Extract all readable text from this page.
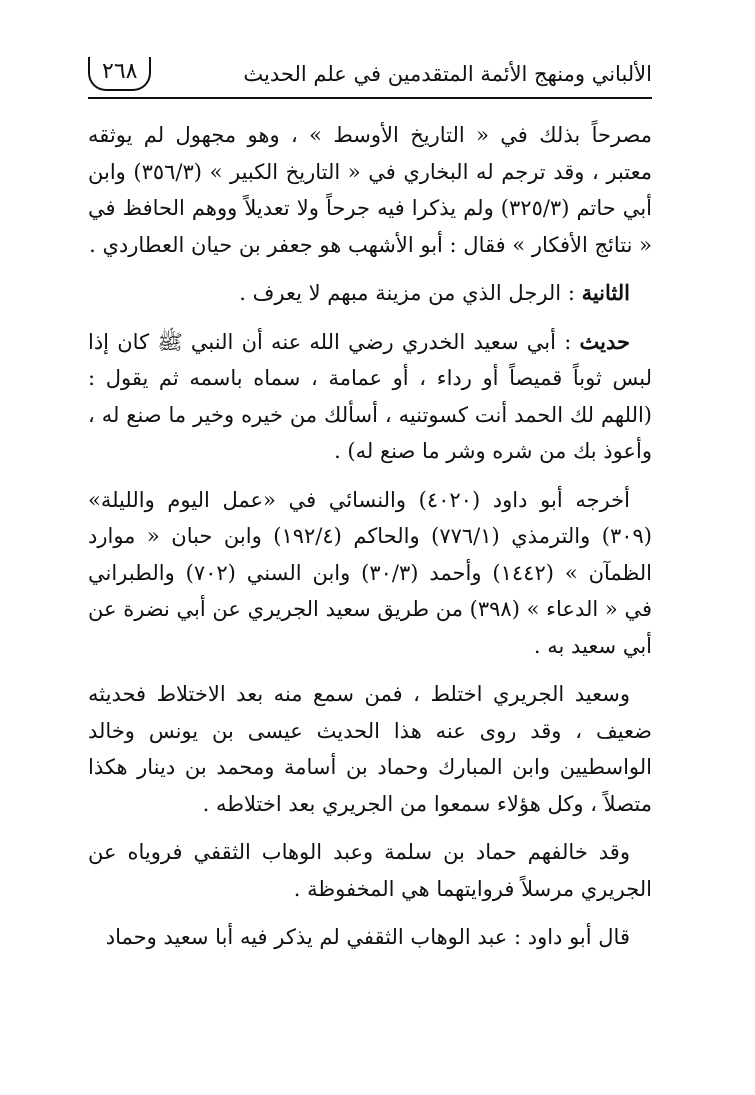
الألباني ومنهج الأئمة المتقدمين في علم الحديث
٢٦٨

مصرحاً بذلك في « التاريخ الأوسط » ، وهو مجهول لم يوثقه معتبر ، وقد ترجم له البخاري في « التاريخ الكبير » (٣٥٦/٣) وابن أبي حاتم (٣٢٥/٣) ولم يذكرا فيه جرحاً ولا تعديلاً ووهم الحافظ في « نتائج الأفكار » فقال : أبو الأشهب هو جعفر بن حيان العطاردي .

الثانية : الرجل الذي من مزينة مبهم لا يعرف .

حديث : أبي سعيد الخدري رضي الله عنه أن النبي ﷺ كان إذا لبس ثوباً قميصاً أو رداء ، أو عمامة ، سماه باسمه ثم يقول : (اللهم لك الحمد أنت كسوتنيه ، أسألك من خيره وخير ما صنع له ، وأعوذ بك من شره وشر ما صنع له) .

أخرجه أبو داود (٤٠٢٠) والنسائي في «عمل اليوم والليلة» (٣٠٩) والترمذي (٧٧٦/١) والحاكم (١٩٢/٤) وابن حبان « موارد الظمآن » (١٤٤٢) وأحمد (٣٠/٣) وابن السني (٧٠٢) والطبراني في « الدعاء » (٣٩٨) من طريق سعيد الجريري عن أبي نضرة عن أبي سعيد به .

وسعيد الجريري اختلط ، فمن سمع منه بعد الاختلاط فحديثه ضعيف ، وقد روى عنه هذا الحديث عيسى بن يونس وخالد الواسطيين وابن المبارك وحماد بن أسامة ومحمد بن دينار هكذا متصلاً ، وكل هؤلاء سمعوا من الجريري بعد اختلاطه .

وقد خالفهم حماد بن سلمة وعبد الوهاب الثقفي فروياه عن الجريري مرسلاً فروايتهما هي المخفوظة .

قال أبو داود : عبد الوهاب الثقفي لم يذكر فيه أبا سعيد وحماد
